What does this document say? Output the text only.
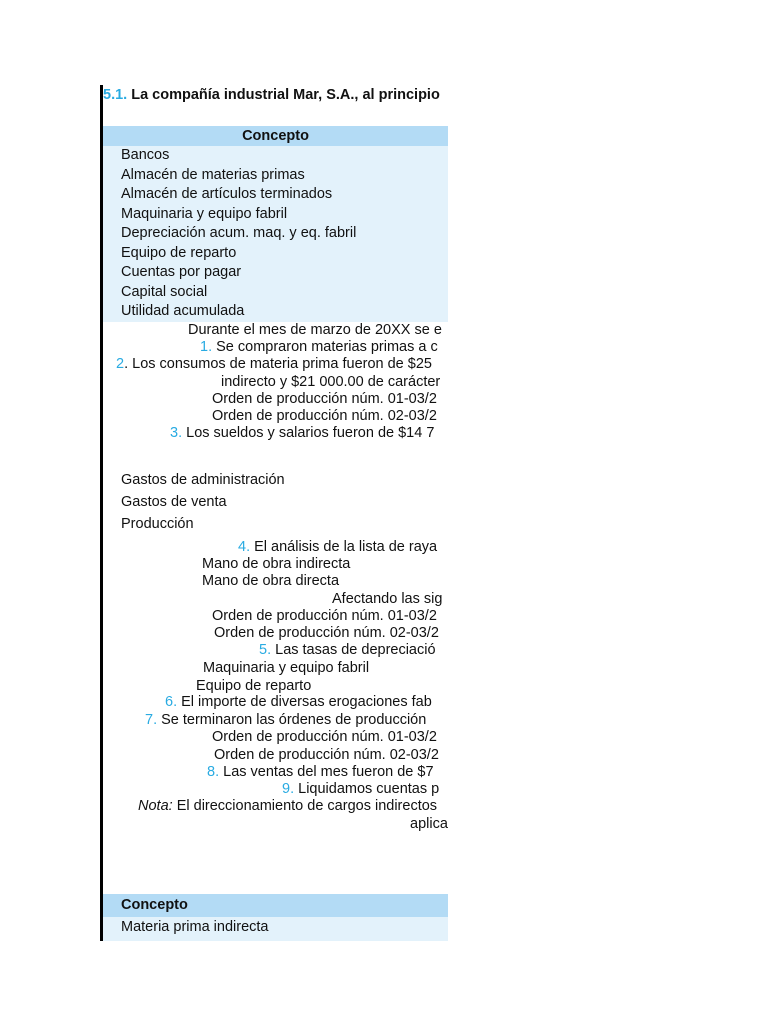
5.1. La compañía industrial Mar, S.A., al principio
Concepto
Bancos
Almacén de materias primas
Almacén de artículos terminados
Maquinaria y equipo fabril
Depreciación acum. maq. y eq. fabril
Equipo de reparto
Cuentas por pagar
Capital social
Utilidad acumulada
Durante el mes de marzo de 20XX se e
1. Se compraron materias primas a c
2. Los consumos de materia prima fueron de $25
indirecto y $21 000.00 de carácter
Orden de producción núm. 01-03/2
Orden de producción núm. 02-03/2
3. Los sueldos y salarios fueron de $14 7
Gastos de administración
Gastos de venta
Producción
4. El análisis de la lista de raya
Mano de obra indirecta
Mano de obra directa
Afectando las sig
Orden de producción núm. 01-03/2
Orden de producción núm. 02-03/2
5. Las tasas de depreciació
Maquinaria y equipo fabril
Equipo de reparto
6. El importe de diversas erogaciones fab
7. Se terminaron las órdenes de producción
Orden de producción núm. 01-03/2
Orden de producción núm. 02-03/2
8. Las ventas del mes fueron de $7
9. Liquidamos cuentas p
Nota: El direccionamiento de cargos indirectos
aplica
Concepto
Materia prima indirecta
